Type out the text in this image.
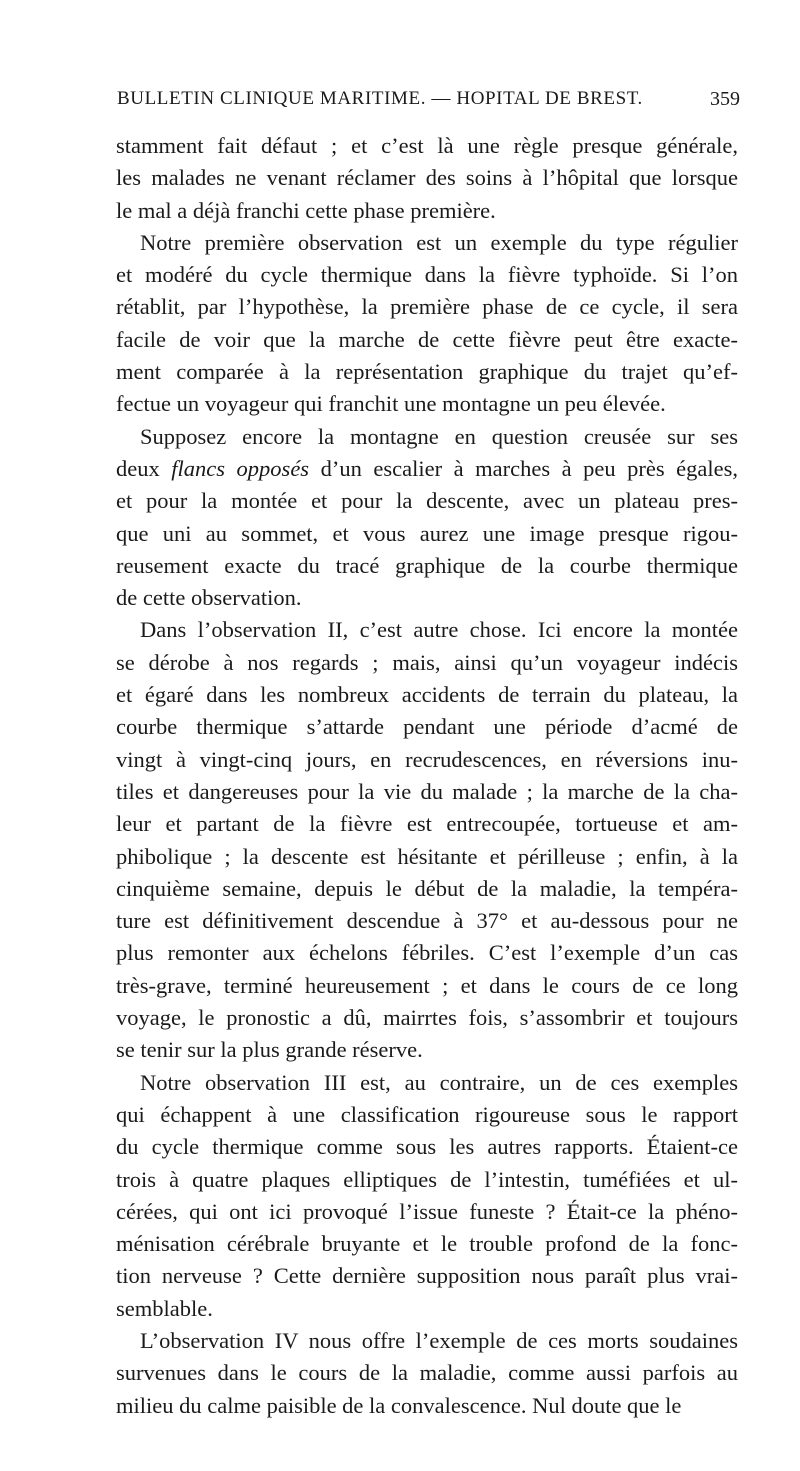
BULLETIN CLINIQUE MARITIME. — HOPITAL DE BREST.	359

stamment fait défaut ; et c’est là une règle presque générale,
les malades ne venant réclamer des soins à l’hôpital que lorsque
le mal a déjà franchi cette phase première.

Notre première observation est un exemple du type régulier
et modéré du cycle thermique dans la fièvre typhoïde. Si l’on
rétablit, par l’hypothèse, la première phase de ce cycle, il sera
facile de voir que la marche de cette fièvre peut être exacte-
ment comparée à la représentation graphique du trajet qu’ef-
fectue un voyageur qui franchit une montagne un peu élevée.

Supposez encore la montagne en question creusée sur ses
deux flancs opposés d’un escalier à marches à peu près égales,
et pour la montée et pour la descente, avec un plateau pres-
que uni au sommet, et vous aurez une image presque rigou-
reusement exacte du tracé graphique de la courbe thermique
de cette observation.

Dans l’observation II, c’est autre chose. Ici encore la montée
se dérobe à nos regards ; mais, ainsi qu’un voyageur indécis
et égaré dans les nombreux accidents de terrain du plateau, la
courbe thermique s’attarde pendant une période d’acmé de
vingt à vingt-cinq jours, en recrudescences, en réversions inu-
tiles et dangereuses pour la vie du malade ; la marche de la cha-
leur et partant de la fièvre est entrecoupée, tortueuse et am-
phibolique ; la descente est hésitante et périlleuse ; enfin, à la
cinquième semaine, depuis le début de la maladie, la tempéra-
ture est définitivement descendue à 37° et au-dessous pour ne
plus remonter aux échelons fébriles. C’est l’exemple d’un cas
très-grave, terminé heureusement ; et dans le cours de ce long
voyage, le pronostic a dû, mairrtes fois, s’assombrir et toujours
se tenir sur la plus grande réserve.

Notre observation III est, au contraire, un de ces exemples
qui échappent à une classification rigoureuse sous le rapport
du cycle thermique comme sous les autres rapports. Étaient-ce
trois à quatre plaques elliptiques de l’intestin, tuméfiées et ul-
cérées, qui ont ici provoqué l’issue funeste ? Était-ce la phéno-
ménisation cérébrale bruyante et le trouble profond de la fonc-
tion nerveuse ? Cette dernière supposition nous paraît plus vrai-
semblable.

L’observation IV nous offre l’exemple de ces morts soudaines
survenues dans le cours de la maladie, comme aussi parfois au
milieu du calme paisible de la convalescence. Nul doute que le
